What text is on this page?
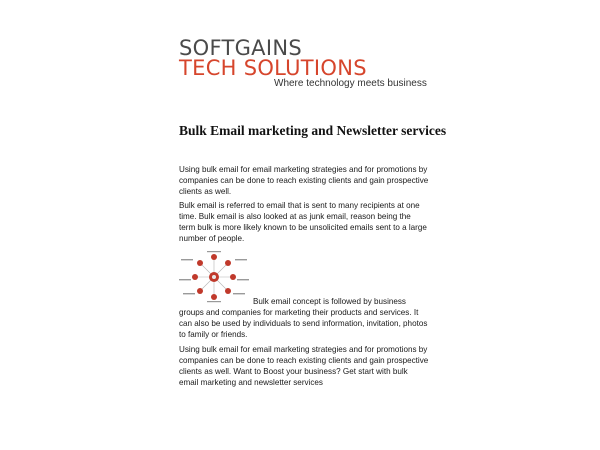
SOFTGAINS
TECH SOLUTIONS
Where technology meets business
Bulk Email marketing and Newsletter services
Using bulk email for email marketing strategies and for promotions by companies can be done to reach existing clients and gain prospective clients as well.
Bulk email is referred to email that is sent to many recipients at one time. Bulk email is also looked at as junk email, reason being the term bulk is more likely known to be unsolicited emails sent to a large number of people.
Bulk email concept is followed by business groups and companies for marketing their products and services. It can also be used by individuals to send information, invitation, photos to family or friends.
Using bulk email for email marketing strategies and for promotions by companies can be done to reach existing clients and gain prospective clients as well. Want to Boost your business? Get start with bulk email marketing and newsletter services
